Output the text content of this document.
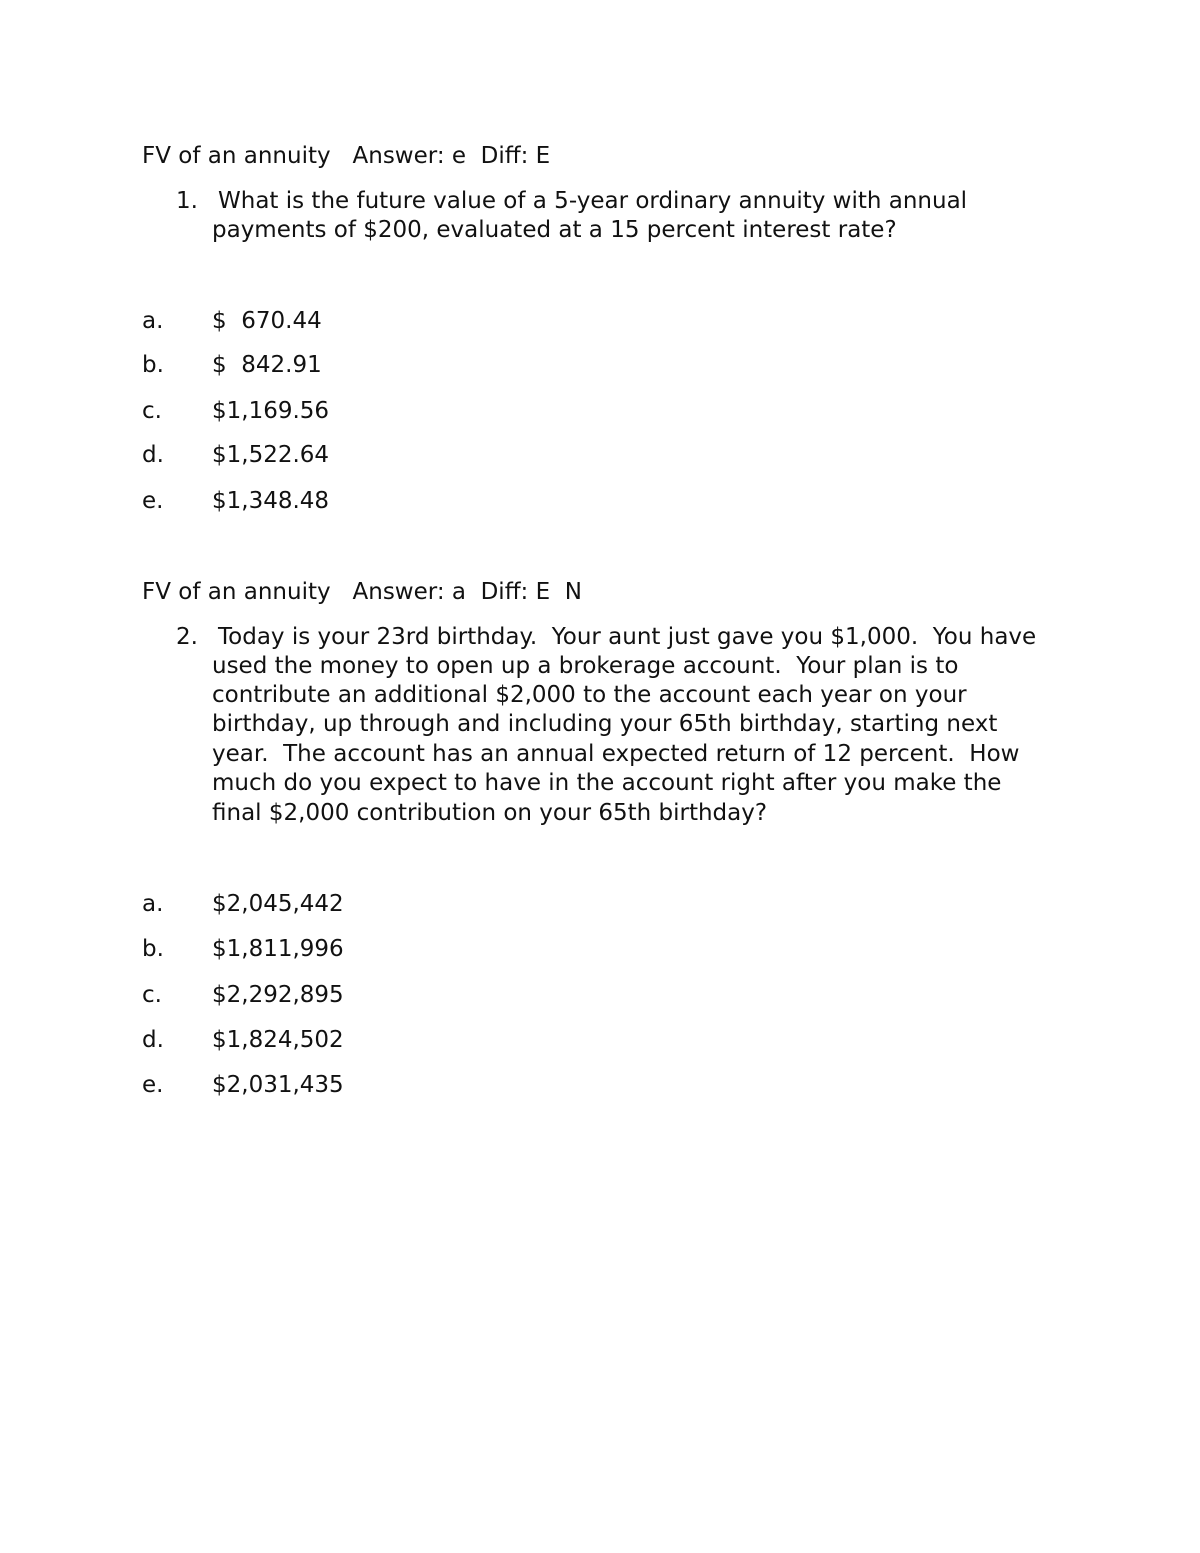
FV of an annuity   Answer: e  Diff: E
1. What is the future value of a 5-year ordinary annuity with annual
payments of $200, evaluated at a 15 percent interest rate?
a. $  670.44
b. $  842.91
c. $1,169.56
d. $1,522.64
e. $1,348.48
FV of an annuity   Answer: a  Diff: E  N
2. Today is your 23rd birthday.  Your aunt just gave you $1,000.  You have
used the money to open up a brokerage account.  Your plan is to
contribute an additional $2,000 to the account each year on your
birthday, up through and including your 65th birthday, starting next
year.  The account has an annual expected return of 12 percent.  How
much do you expect to have in the account right after you make the
final $2,000 contribution on your 65th birthday?
a. $2,045,442
b. $1,811,996
c. $2,292,895
d. $1,824,502
e. $2,031,435
